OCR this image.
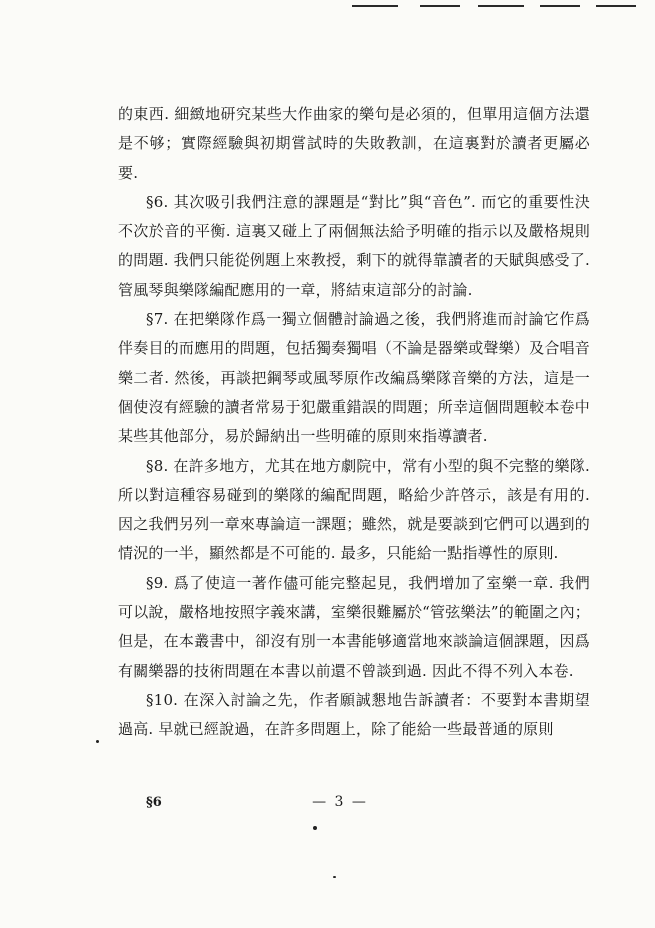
的東西. 細緻地研究某些大作曲家的樂句是必須的，但單用這個方法還是不够；實際經驗與初期嘗試時的失敗教訓，在這裏對於讀者更屬必要.

§6. 其次吸引我們注意的課題是“對比”與“音色”. 而它的重要性決不次於音的平衡. 這裏又碰上了兩個無法給予明確的指示以及嚴格規則的問題. 我們只能從例題上來教授，剩下的就得靠讀者的天賦與感受了. 管風琴與樂隊編配應用的一章，將結束這部分的討論.

§7. 在把樂隊作爲一獨立個體討論過之後，我們將進而討論它作爲伴奏目的而應用的問題，包括獨奏獨唱（不論是器樂或聲樂）及合唱音樂二者. 然後，再談把鋼琴或風琴原作改編爲樂隊音樂的方法，這是一個使沒有經驗的讀者常易于犯嚴重錯誤的問題；所幸這個問題較本卷中某些其他部分，易於歸納出一些明確的原則來指導讀者.

§8. 在許多地方，尤其在地方劇院中，常有小型的與不完整的樂隊. 所以對這種容易碰到的樂隊的編配問題，略給少許啓示，該是有用的. 因之我們另列一章來專論這一課題；雖然，就是要談到它們可以遇到的情況的一半，顯然都是不可能的. 最多，只能給一點指導性的原則.

§9. 爲了使這一著作儘可能完整起見，我們增加了室樂一章. 我們可以說，嚴格地按照字義來講，室樂很難屬於“管弦樂法”的範圍之內；但是，在本叢書中，卻沒有別一本書能够適當地來談論這個課題，因爲有關樂器的技術問題在本書以前還不曾談到過. 因此不得不列入本卷.

§10. 在深入討論之先，作者願誠懇地告訴讀者：不要對本書期望過高. 早就已經說過，在許多問題上，除了能給一些最普通的原則

§6	— 3 —
